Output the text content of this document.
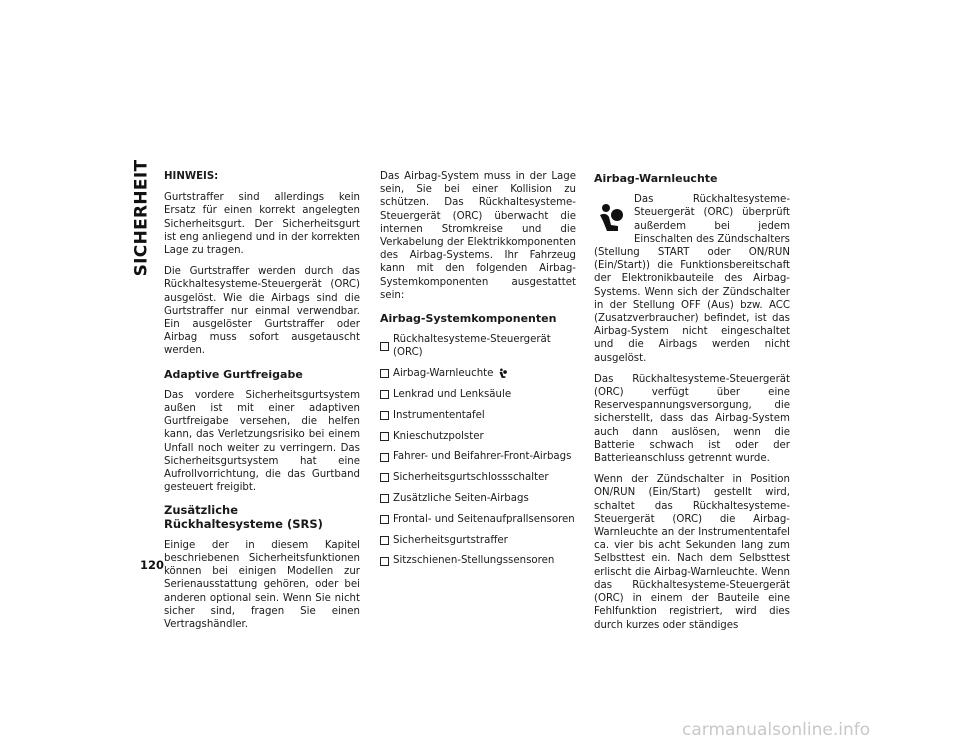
SICHERHEIT
120

HINWEIS:

Gurtstraffer sind allerdings kein Ersatz für einen korrekt angelegten Sicherheitsgurt. Der Sicherheitsgurt ist eng anliegend und in der korrekten Lage zu tragen.

Die Gurtstraffer werden durch das Rückhaltesysteme-Steuergerät (ORC) ausgelöst. Wie die Airbags sind die Gurtstraffer nur einmal verwendbar. Ein ausgelöster Gurtstraffer oder Airbag muss sofort ausgetauscht werden.

Adaptive Gurtfreigabe

Das vordere Sicherheitsgurtsystem außen ist mit einer adaptiven Gurtfreigabe versehen, die helfen kann, das Verletzungsrisiko bei einem Unfall noch weiter zu verringern. Das Sicherheitsgurtsystem hat eine Aufrollvorrichtung, die das Gurtband gesteuert freigibt.

Zusätzliche Rückhaltesysteme (SRS)

Einige der in diesem Kapitel beschriebenen Sicherheitsfunktionen können bei einigen Modellen zur Serienausstattung gehören, oder bei anderen optional sein. Wenn Sie nicht sicher sind, fragen Sie einen Vertragshändler.

Das Airbag-System muss in der Lage sein, Sie bei einer Kollision zu schützen. Das Rückhaltesysteme-Steuergerät (ORC) überwacht die internen Stromkreise und die Verkabelung der Elektrikkomponenten des Airbag-Systems. Ihr Fahrzeug kann mit den folgenden Airbag-Systemkomponenten ausgestattet sein:

Airbag-Systemkomponenten
Rückhaltesysteme-Steuergerät (ORC)
Airbag-Warnleuchte
Lenkrad und Lenksäule
Instrumententafel
Knieschutzpolster
Fahrer- und Beifahrer-Front-Airbags
Sicherheitsgurtschlossschalter
Zusätzliche Seiten-Airbags
Frontal- und Seitenaufprallsensoren
Sicherheitsgurtstraffer
Sitzschienen-Stellungssensoren
Airbag-Warnleuchte

Das Rückhaltesysteme-Steuergerät (ORC) überprüft außerdem bei jedem Einschalten des Zündschalters (Stellung START oder ON/RUN (Ein/Start)) die Funktionsbereitschaft der Elektronikbauteile des Airbag-Systems. Wenn sich der Zündschalter in der Stellung OFF (Aus) bzw. ACC (Zusatzverbraucher) befindet, ist das Airbag-System nicht eingeschaltet und die Airbags werden nicht ausgelöst.

Das Rückhaltesysteme-Steuergerät (ORC) verfügt über eine Reservespannungsversorgung, die sicherstellt, dass das Airbag-System auch dann auslösen, wenn die Batterie schwach ist oder der Batterieanschluss getrennt wurde.

Wenn der Zündschalter in Position ON/RUN (Ein/Start) gestellt wird, schaltet das Rückhaltesysteme-Steuergerät (ORC) die Airbag-Warnleuchte an der Instrumententafel ca. vier bis acht Sekunden lang zum Selbsttest ein. Nach dem Selbsttest erlischt die Airbag-Warnleuchte. Wenn das Rückhaltesysteme-Steuergerät (ORC) in einem der Bauteile eine Fehlfunktion registriert, wird dies durch kurzes oder ständiges

carmanualsonline.info
